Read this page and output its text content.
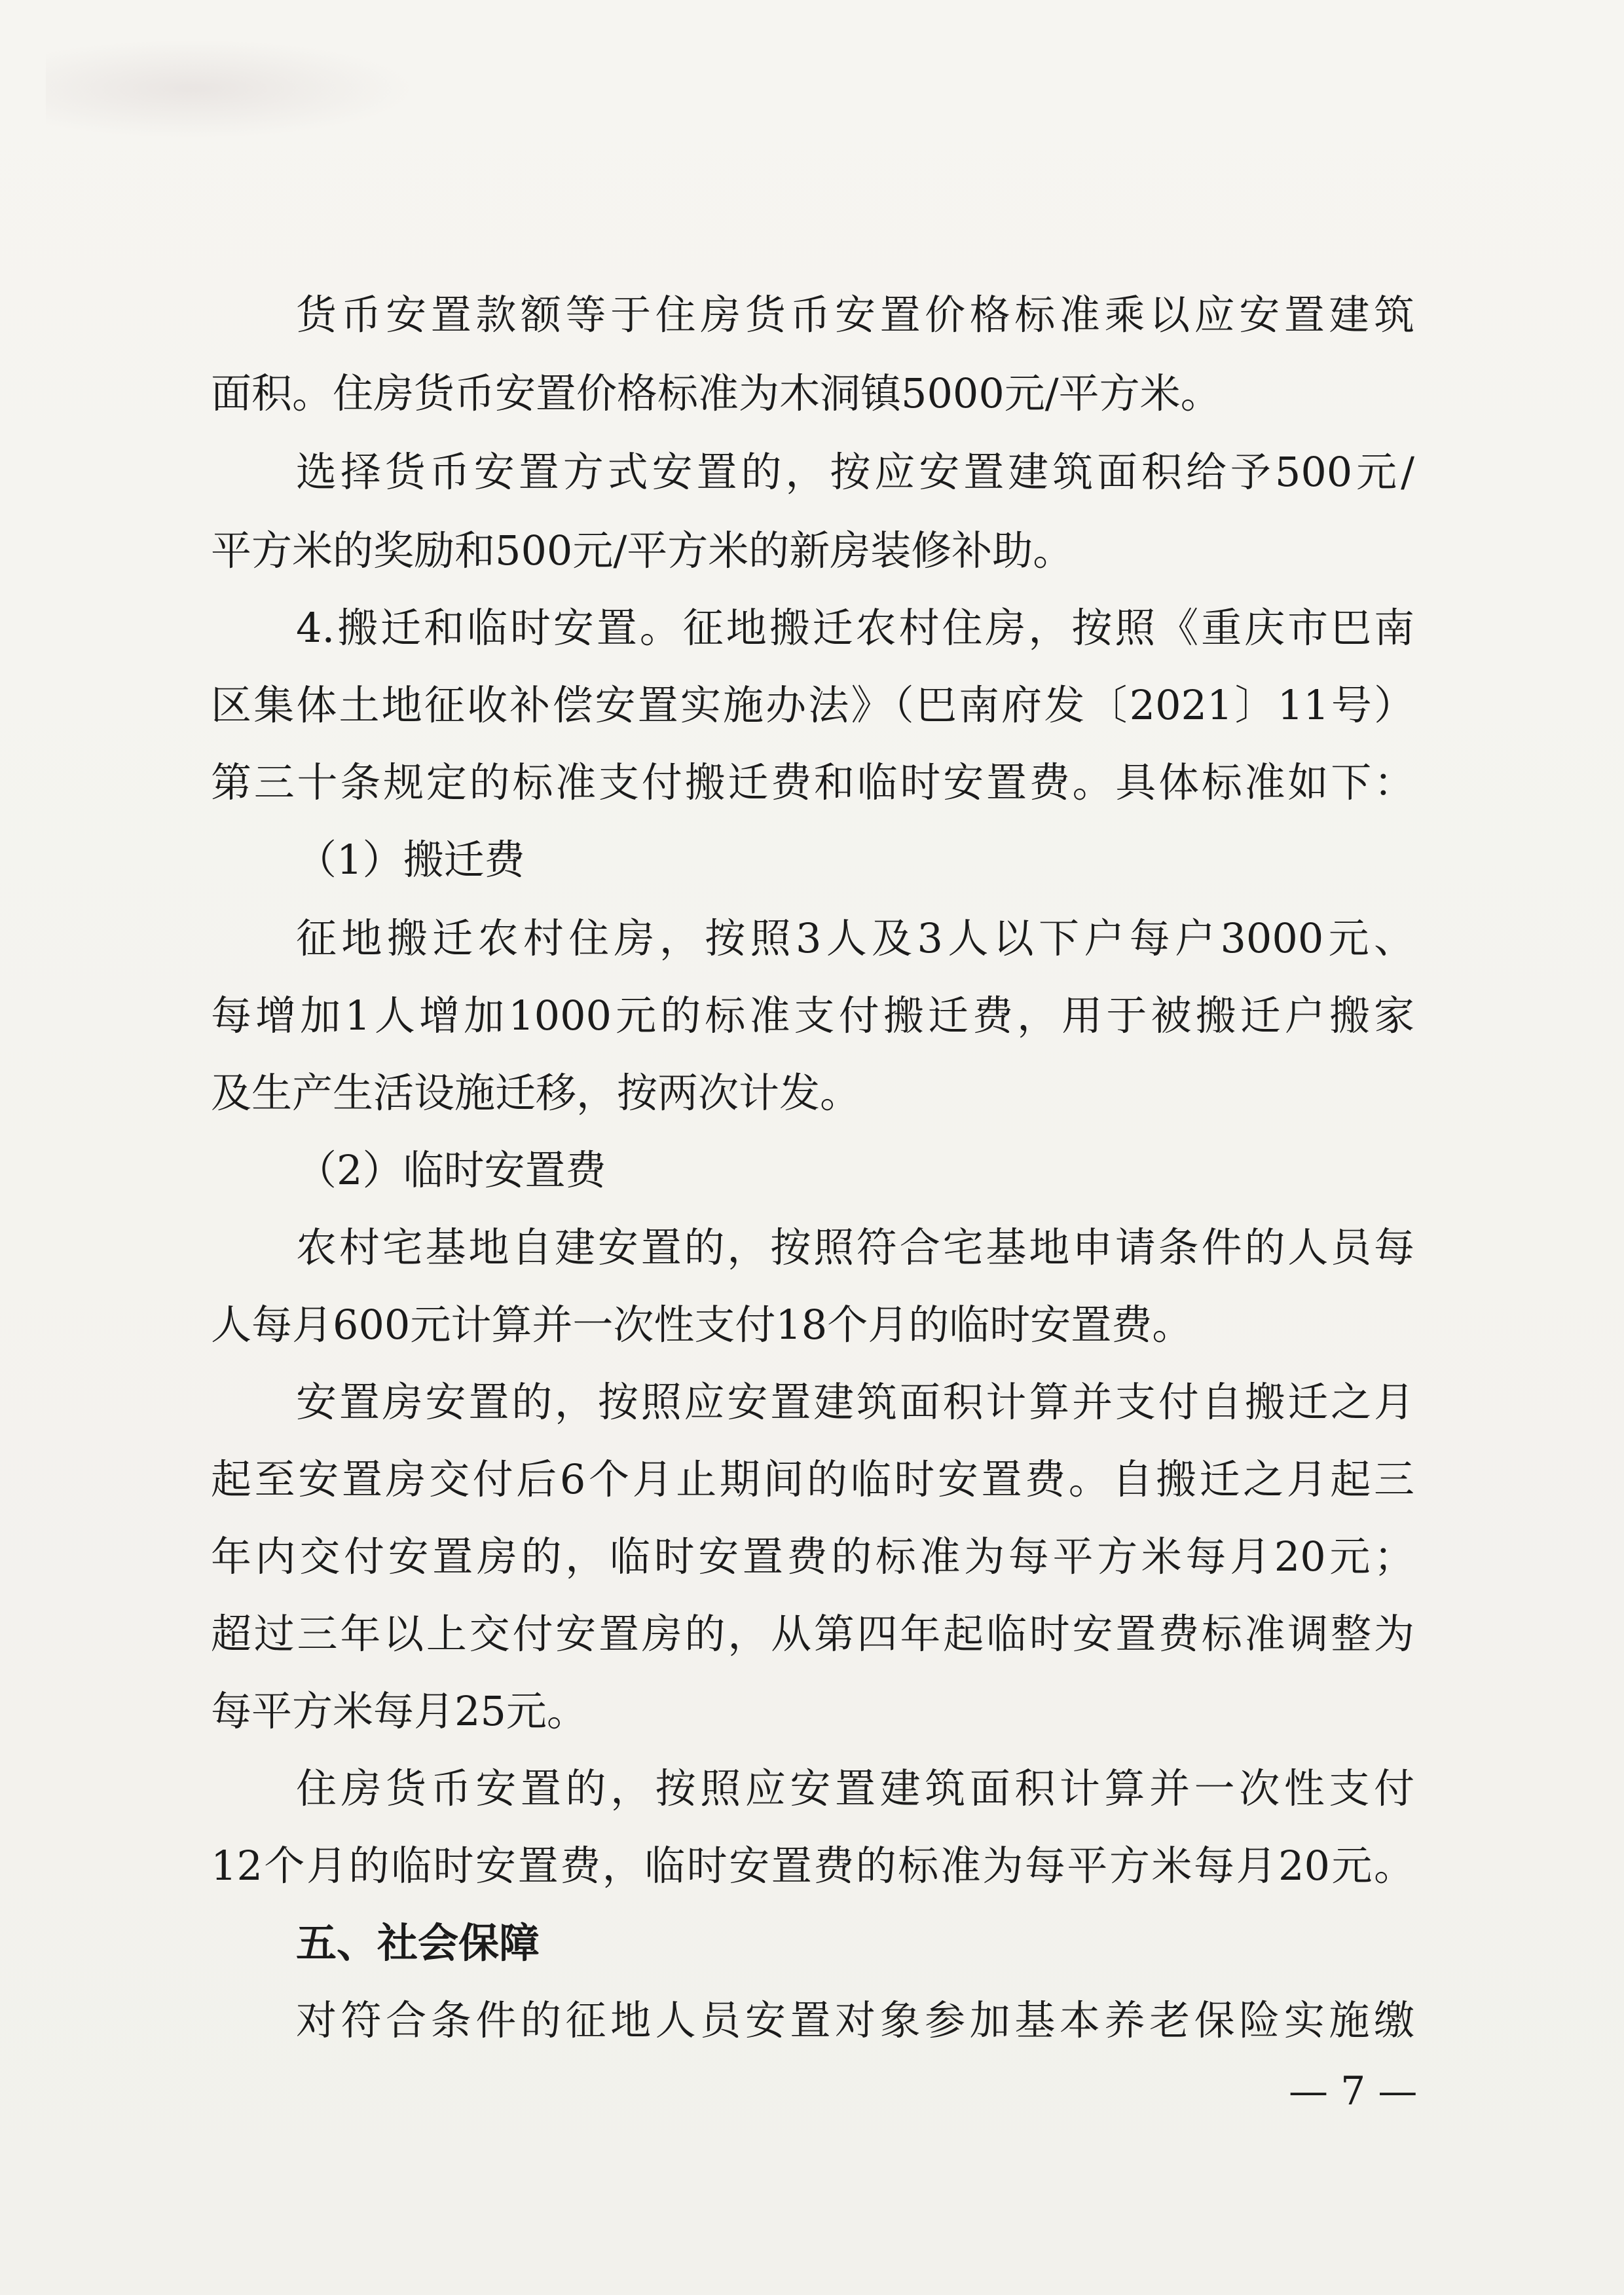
货币安置款额等于住房货币安置价格标准乘以应安置建筑
面积。住房货币安置价格标准为木洞镇5000元/平方米。
选择货币安置方式安置的，按应安置建筑面积给予500元/
平方米的奖励和500元/平方米的新房装修补助。
4.搬迁和临时安置。征地搬迁农村住房，按照《重庆市巴南
区集体土地征收补偿安置实施办法》（巴南府发〔2021〕11号）
第三十条规定的标准支付搬迁费和临时安置费。具体标准如下：
（1）搬迁费
征地搬迁农村住房，按照3人及3人以下户每户3000元、
每增加1人增加1000元的标准支付搬迁费，用于被搬迁户搬家
及生产生活设施迁移，按两次计发。
（2）临时安置费
农村宅基地自建安置的，按照符合宅基地申请条件的人员每
人每月600元计算并一次性支付18个月的临时安置费。
安置房安置的，按照应安置建筑面积计算并支付自搬迁之月
起至安置房交付后6个月止期间的临时安置费。自搬迁之月起三
年内交付安置房的，临时安置费的标准为每平方米每月20元；
超过三年以上交付安置房的，从第四年起临时安置费标准调整为
每平方米每月25元。
住房货币安置的，按照应安置建筑面积计算并一次性支付
12个月的临时安置费，临时安置费的标准为每平方米每月20元。
五、社会保障
对符合条件的征地人员安置对象参加基本养老保险实施缴
— 7 —
